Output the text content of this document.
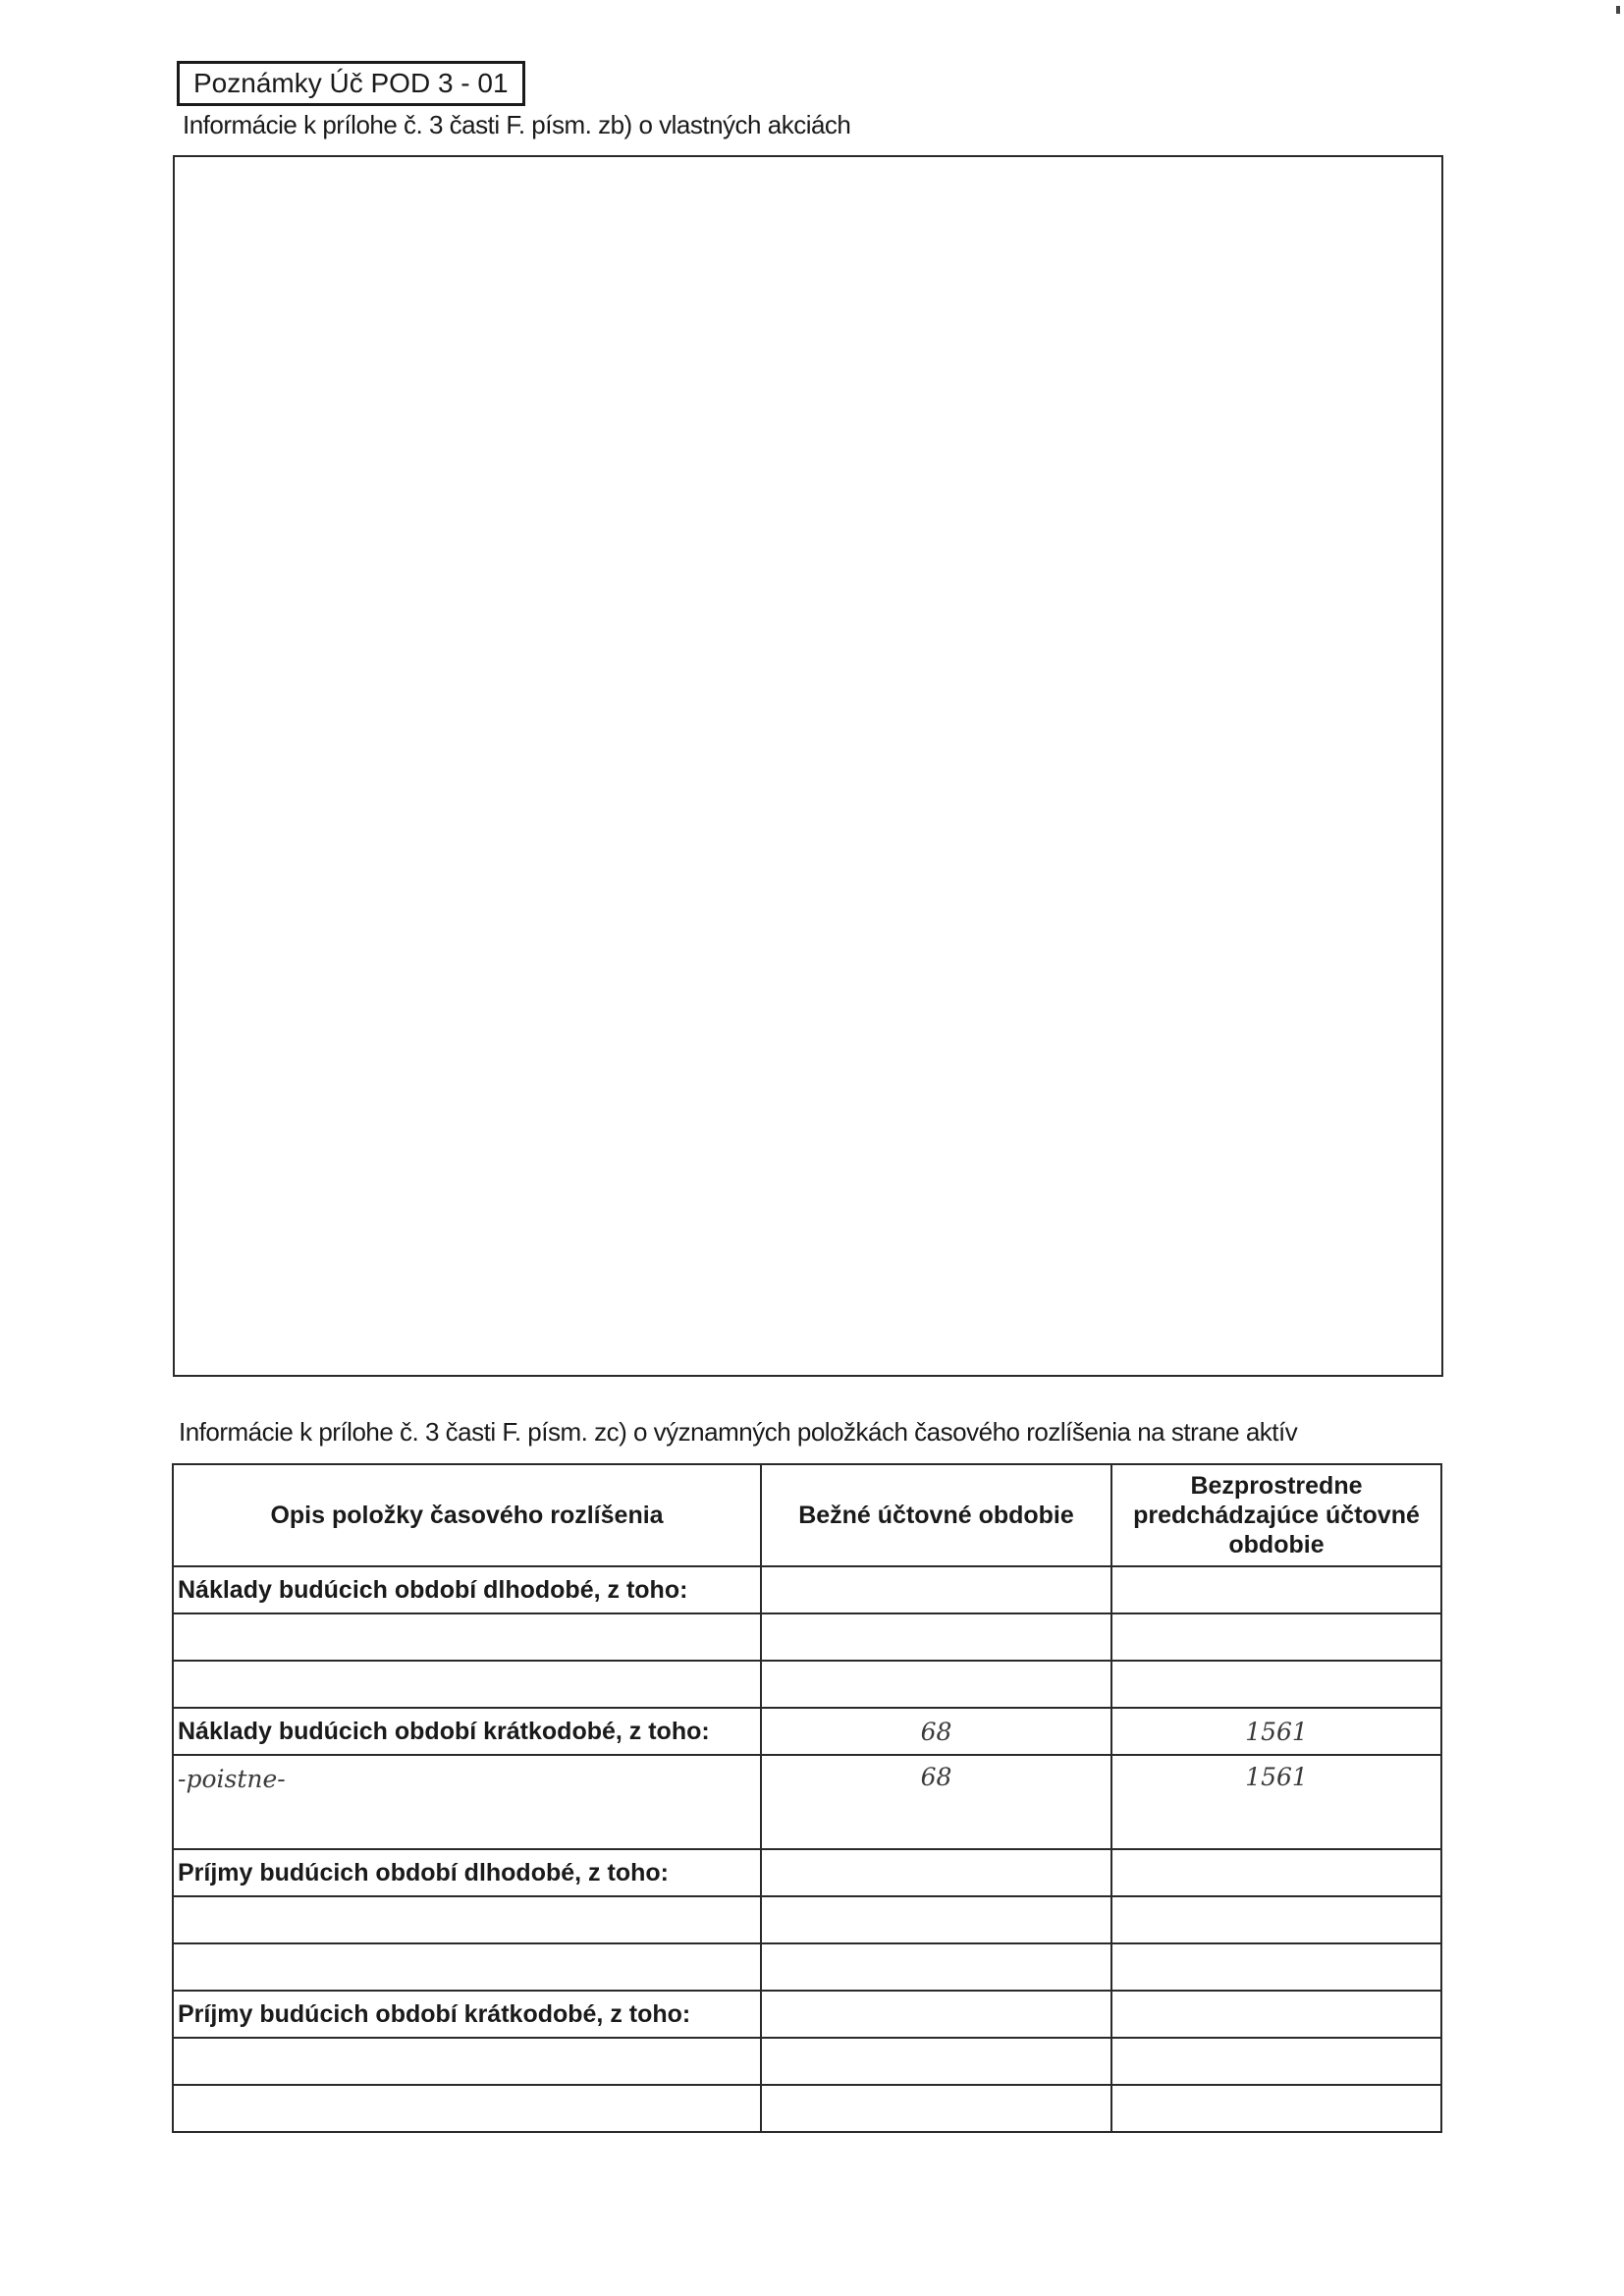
Poznámky Úč POD 3 - 01
Informácie k prílohe č. 3 časti F. písm. zb) o vlastných akciách
Informácie k prílohe č. 3 časti F. písm. zc) o významných položkách časového rozlíšenia na strane aktív
Opis položky časového rozlíšenia	Bežné účtovné obdobie	Bezprostredne predchádzajúce účtovné obdobie
Náklady budúcich období dlhodobé, z toho:		

Náklady budúcich období krátkodobé, z toho:	68	1561
-poistne-	68	1561
Príjmy budúcich období dlhodobé, z toho:		

Príjmy budúcich období krátkodobé, z toho:		
